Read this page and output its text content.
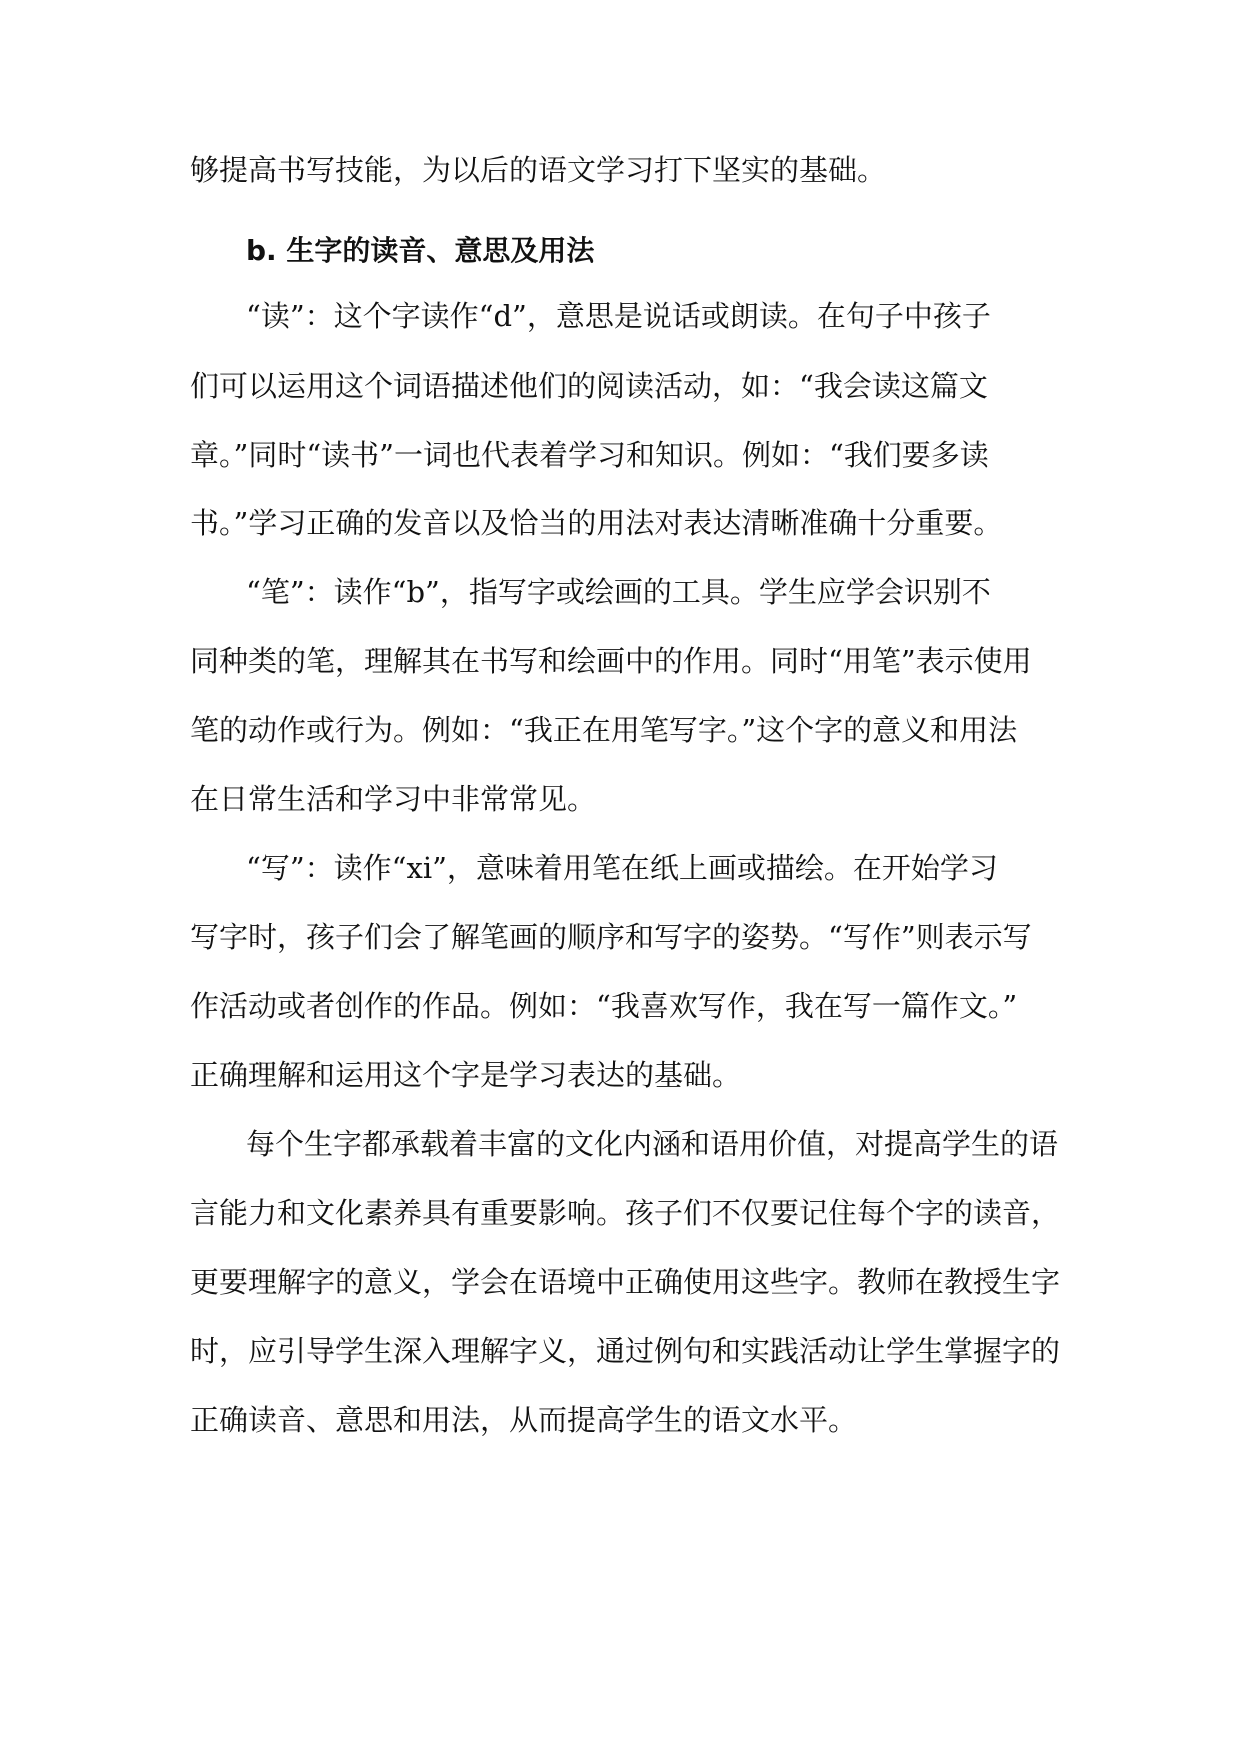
够提高书写技能，为以后的语文学习打下坚实的基础。
b. 生字的读音、意思及用法
“读”：这个字读作“d”，意思是说话或朗读。在句子中孩子
们可以运用这个词语描述他们的阅读活动，如：“我会读这篇文
章。”同时“读书”一词也代表着学习和知识。例如：“我们要多读
书。”学习正确的发音以及恰当的用法对表达清晰准确十分重要。
“笔”：读作“b”，指写字或绘画的工具。学生应学会识别不
同种类的笔，理解其在书写和绘画中的作用。同时“用笔”表示使用
笔的动作或行为。例如：“我正在用笔写字。”这个字的意义和用法
在日常生活和学习中非常常见。
“写”：读作“xi”，意味着用笔在纸上画或描绘。在开始学习
写字时，孩子们会了解笔画的顺序和写字的姿势。“写作”则表示写
作活动或者创作的作品。例如：“我喜欢写作，我在写一篇作文。”
正确理解和运用这个字是学习表达的基础。
每个生字都承载着丰富的文化内涵和语用价值，对提高学生的语
言能力和文化素养具有重要影响。孩子们不仅要记住每个字的读音，
更要理解字的意义，学会在语境中正确使用这些字。教师在教授生字
时，应引导学生深入理解字义，通过例句和实践活动让学生掌握字的
正确读音、意思和用法，从而提高学生的语文水平。
